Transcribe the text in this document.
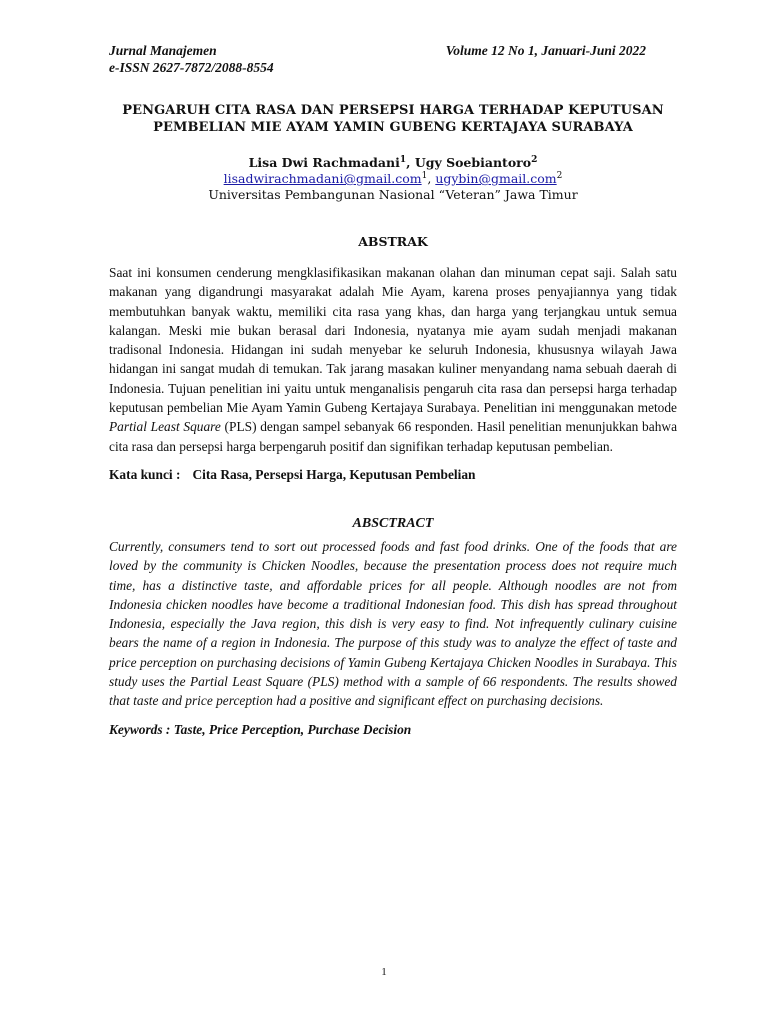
Jurnal Manajemen	Volume 12 No 1, Januari-Juni 2022
e-ISSN 2627-7872/2088-8554
PENGARUH CITA RASA DAN PERSEPSI HARGA TERHADAP KEPUTUSAN
PEMBELIAN MIE AYAM YAMIN GUBENG KERTAJAYA SURABAYA
Lisa Dwi Rachmadani$^1$, Ugy Soebiantoro$^2$
lisadwirachmadani@gmail.com$^1$, ugybin@gmail.com$^2$
Universitas Pembangunan Nasional “Veteran” Jawa Timur
ABSTRAK
Saat ini konsumen cenderung mengklasifikasikan makanan olahan dan minuman cepat saji. Salah satu makanan yang digandrungi masyarakat adalah Mie Ayam, karena proses penyajiannya yang tidak membutuhkan banyak waktu, memiliki cita rasa yang khas, dan harga yang terjangkau untuk semua kalangan. Meski mie bukan berasal dari Indonesia, nyatanya mie ayam sudah menjadi makanan tradisonal Indonesia. Hidangan ini sudah menyebar ke seluruh Indonesia, khususnya wilayah Jawa hidangan ini sangat mudah di temukan. Tak jarang masakan kuliner menyandang nama sebuah daerah di Indonesia. Tujuan penelitian ini yaitu untuk menganalisis pengaruh cita rasa dan persepsi harga terhadap keputusan pembelian Mie Ayam Yamin Gubeng Kertajaya Surabaya. Penelitian ini menggunakan metode Partial Least Square (PLS) dengan sampel sebanyak 66 responden. Hasil penelitian menunjukkan bahwa cita rasa dan persepsi harga berpengaruh positif dan signifikan terhadap keputusan pembelian.
Kata kunci : Cita Rasa, Persepsi Harga, Keputusan Pembelian
ABSCTRACT
Currently, consumers tend to sort out processed foods and fast food drinks. One of the foods that are loved by the community is Chicken Noodles, because the presentation process does not require much time, has a distinctive taste, and affordable prices for all people. Although noodles are not from Indonesia chicken noodles have become a traditional Indonesian food. This dish has spread throughout Indonesia, especially the Java region, this dish is very easy to find. Not infrequently culinary cuisine bears the name of a region in Indonesia. The purpose of this study was to analyze the effect of taste and price perception on purchasing decisions of Yamin Gubeng Kertajaya Chicken Noodles in Surabaya. This study uses the Partial Least Square (PLS) method with a sample of 66 respondents. The results showed that taste and price perception had a positive and significant effect on purchasing decisions.
Keywords : Taste, Price Perception, Purchase Decision
1
